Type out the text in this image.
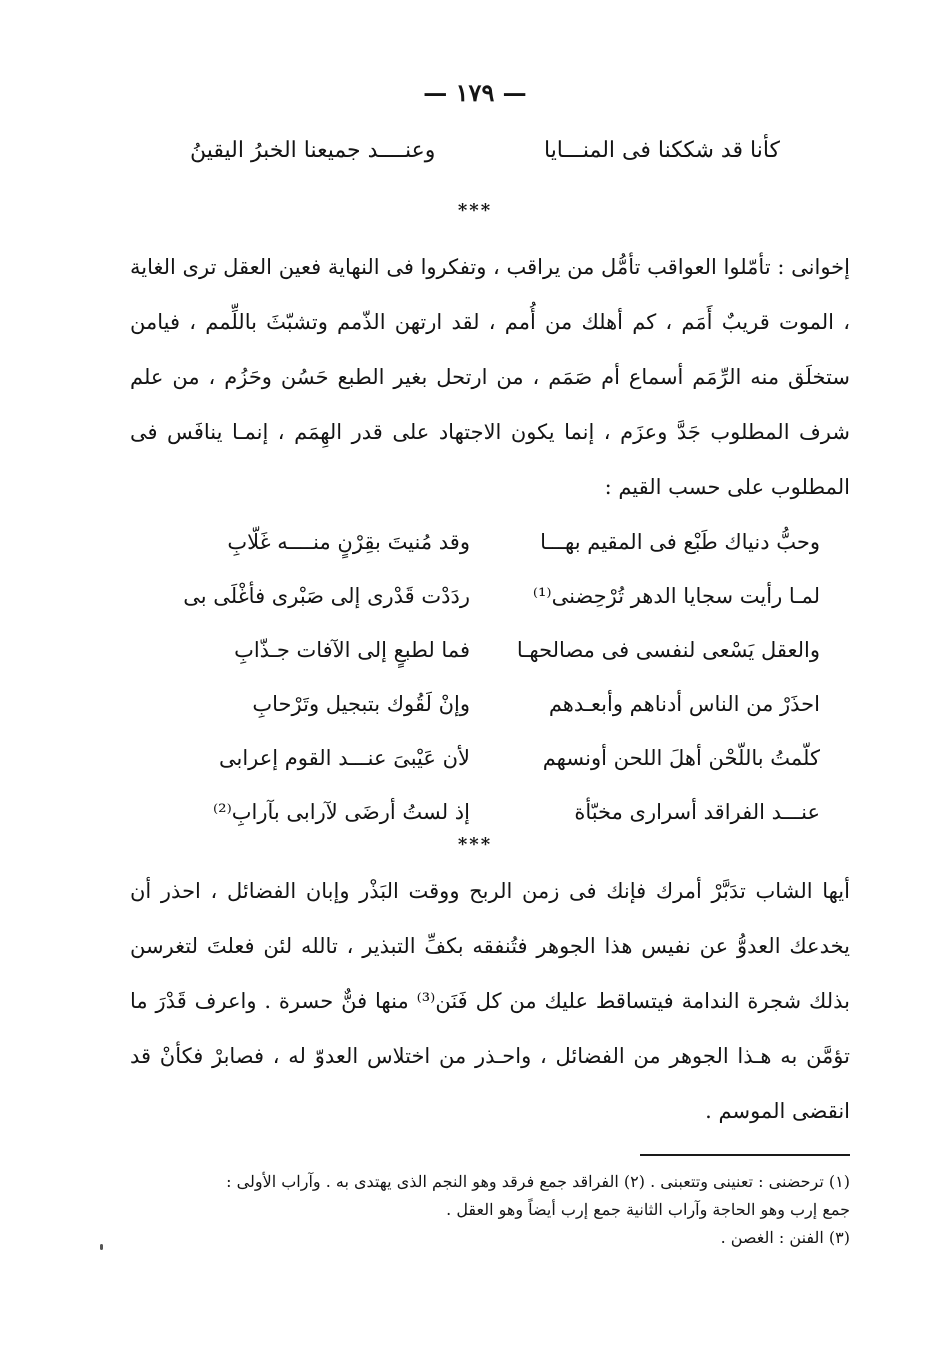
— ١٧٩ —
كأنا قد شككنا فى المنـــايا
وعنــــد جميعنا الخبرُ اليقينُ
***
إخوانى : تأمّلوا العواقب تأمُّل من يراقب ، وتفكروا فى النهاية فعين العقل ترى الغاية ، الموت قريبٌ أَمَم ، كم أهلك من أُمم ، لقد ارتهن الذّمم وتشبّثَ باللِّمم ، فيامن ستخلَق منه الرِّمَم أسماع أم صَمَم ، من ارتحل بغير الطبع حَسُن وحَزُم ، من علم شرف المطلوب جَدَّ وعزَم ، إنما يكون الاجتهاد على قدر الهِمَم ، إنمـا ينافَس فى المطلوب على حسب القيم :
وحبُّ دنياك طَبْع فى المقيم بهـــا
وقد مُنيتَ بقِرْنٍ منــــه غَلّابِ
لمـا رأيت سجايا الدهر تُرْحِضنى⁽¹⁾
ردَدْت قَدْرى إلى صَبْرى فأغْلَى بى
والعقل يَسْعى لنفسى فى مصالحهـا
فما لطبعٍ إلى الآفات جـذّابِ
احذَرْ من الناس أدناهم وأبعـدهم
وإنْ لَقُوك بتبجيل وتَرْحابِ
كلّمتُ باللّحْن أهلَ اللحن أونسهم
لأن عَيْبىَ عنـــد القوم إعرابى
عنـــد الفراقد أسرارى مخبّأة
إذ لستُ أرضَى لآرابى بآرابِ⁽²⁾
***
أيها الشاب تدَبَّرْ أمرك فإنك فى زمن الربح ووقت البَذْر وإبان الفضائل ، احذر أن يخدعك العدوُّ عن نفيس هذا الجوهر فتُنفقه بكفِّ التبذير ، تالله لئن فعلتَ لتغرسن بذلك شجرة الندامة فيتساقط عليك من كل فَنَن⁽³⁾ منها فنٌّ حسرة . واعرف قَدْرَ ما تؤمَّن به هـذا الجوهر من الفضائل ، واحـذر من اختلاس العدوّ له ، فصابرْ فكأنْ قد انقضى الموسم .
(١) ترحضنى : تعنينى وتتعبنى . (٢) الفراقد جمع فرقد وهو النجم الذى يهتدى به . وآراب الأولى :
جمع إرب وهو الحاجة وآراب الثانية جمع إرب أيضاً وهو العقل .
(٣) الفنن : الغصن .
